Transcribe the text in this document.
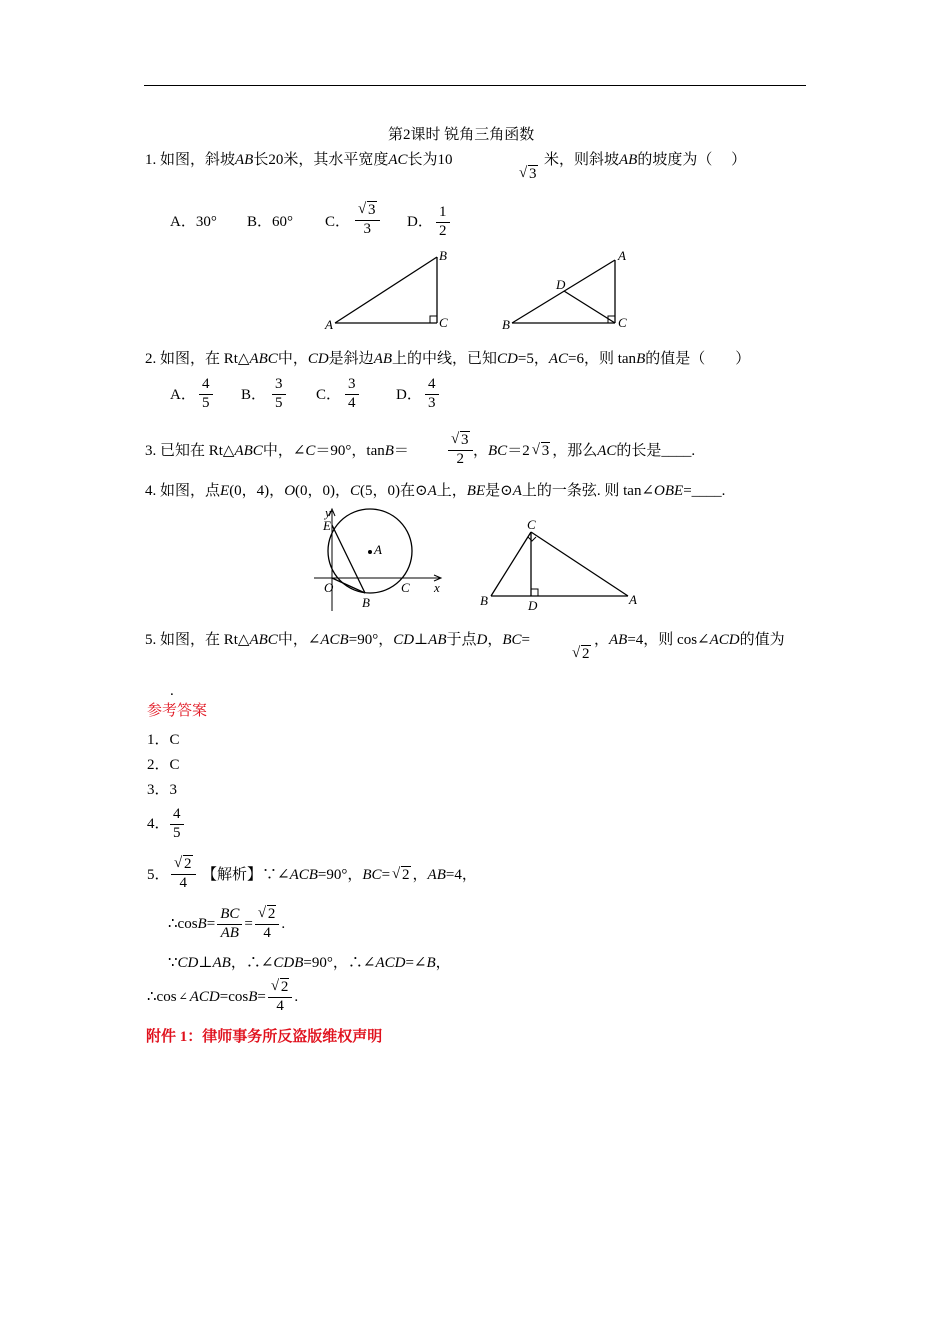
第2课时 锐角三角函数
1. 如图，斜坡AB长20米，其水平宽度AC长为10
√ 3
米，则斜坡AB的坡度为（　 ）
A．30° B．60° C． √ $\frac{3}{3}$ D． $\frac{1}{2}$
A
B
C
A
B	C
D
2. 如图，在 Rt△ABC中，CD是斜边AB上的中线，已知CD=5，AC=6，则 tanB的值是（　　）
A． $\frac{4}{5}$ B． $\frac{3}{5}$ C． $\frac{3}{4}$	D． $\frac{4}{3}$
3. 已知在 Rt△ABC中，∠C＝90°，tanB＝	√ $\frac{3}{2}$ ，BC＝2 √ 3 ，那么AC的长是____.
4. 如图，点E(0，4)，O(0，0)，C(5，0)在⊙A上，BE是⊙A上的一条弦. 则 tan∠OBE=____.
y
E
A
O
B
C x
C
B	D	A
5. 如图，在 Rt△ABC中，∠ACB=90°，CD⊥AB于点D，BC=
√ 2
，AB=4，则 cos∠ACD的值为
.
参考答案
1．C
2．C
3．3
4． $\frac{4}{5}$
5． √ $\frac{2}{4}$ 【解析】∵∠ACB=90°，BC= √ 2 ，AB=4，
∴cosB= $\frac{BC}{AB}$ = √ $\frac{2}{4}$ .
∵CD⊥AB，∴∠CDB=90°，∴∠ACD=∠B，
∴cos ∠ ACD=cosB= √ $\frac{2}{4}$ .
附件 1：律师事务所反盗版维权声明
